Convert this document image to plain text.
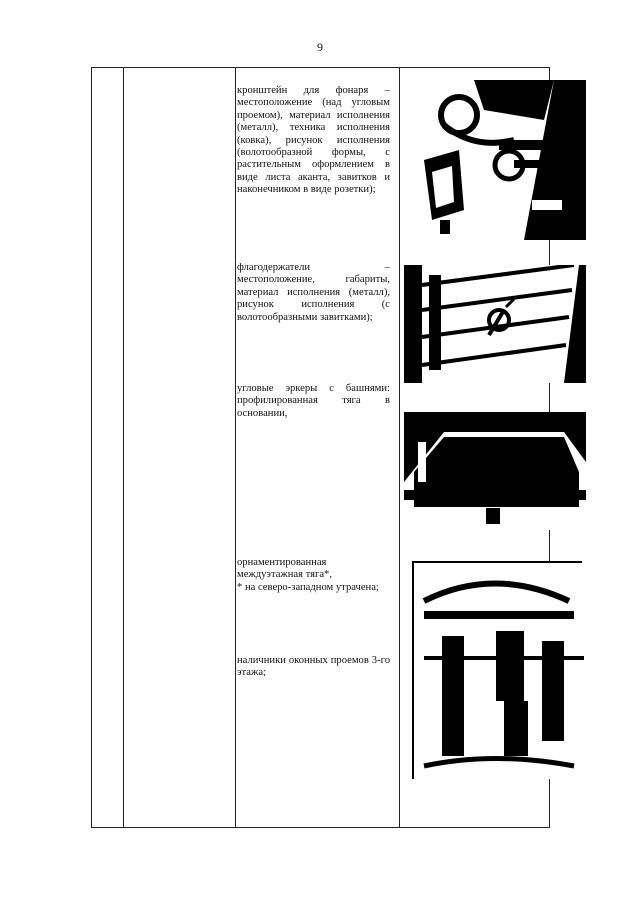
9
кронштейн для фонаря – местоположение (над угловым проемом), материал исполнения (металл), техника исполнения (ковка), рисунок исполнения (волотообразной формы, с растительным оформлением в виде листа аканта, завитков и наконечником в виде розетки);
флагодержатели – местоположение, габариты, материал исполнения (металл), рисунок исполнения (с волотообразными завитками);
угловые эркеры с башнями: профилированная тяга в основании,
орнаментированная междуэтажная тяга*,
* на северо-западном утрачена;
наличники оконных проемов 3-го этажа;
